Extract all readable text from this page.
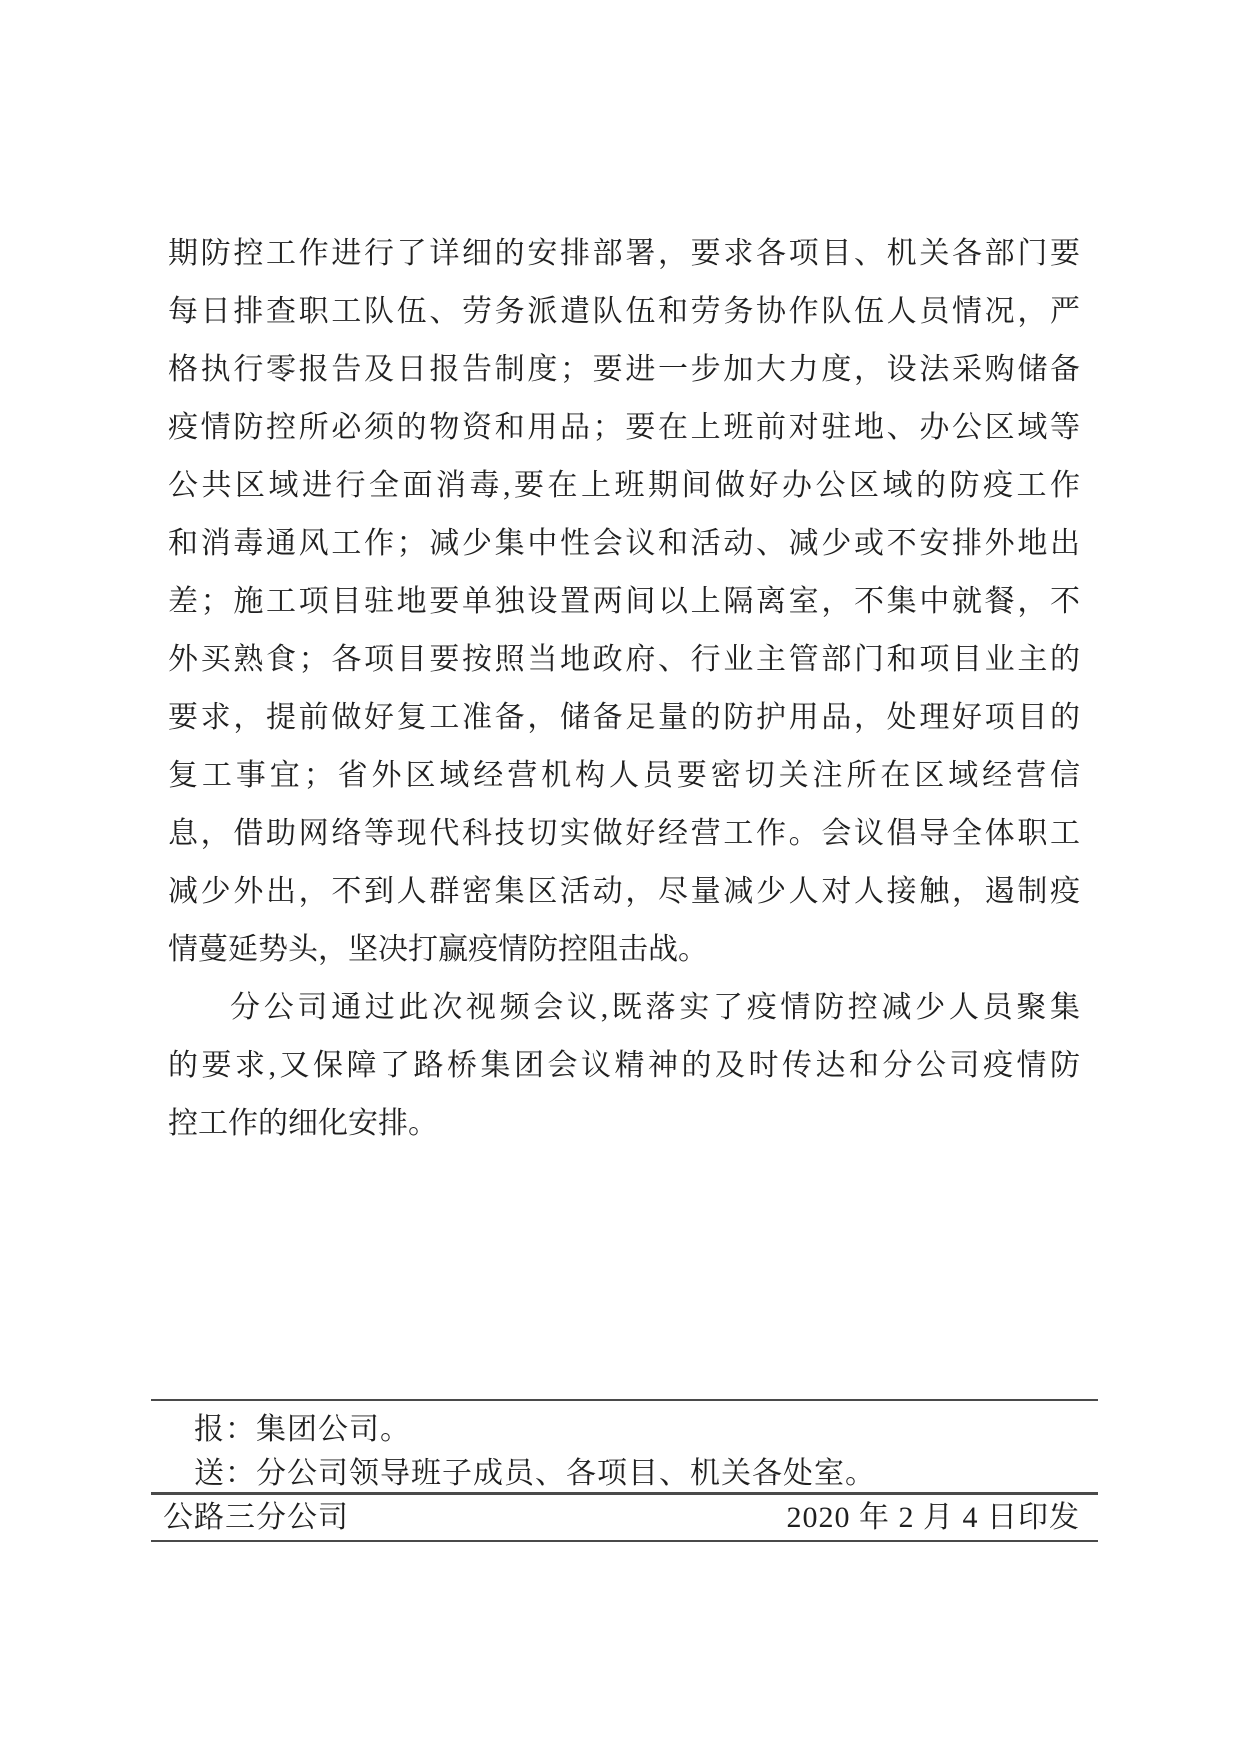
期防控工作进行了详细的安排部署，要求各项目、机关各部门要
每日排查职工队伍、劳务派遣队伍和劳务协作队伍人员情况，严
格执行零报告及日报告制度；要进一步加大力度，设法采购储备
疫情防控所必须的物资和用品；要在上班前对驻地、办公区域等
公共区域进行全面消毒,要在上班期间做好办公区域的防疫工作
和消毒通风工作；减少集中性会议和活动、减少或不安排外地出
差；施工项目驻地要单独设置两间以上隔离室，不集中就餐，不
外买熟食；各项目要按照当地政府、行业主管部门和项目业主的
要求，提前做好复工准备，储备足量的防护用品，处理好项目的
复工事宜；省外区域经营机构人员要密切关注所在区域经营信
息，借助网络等现代科技切实做好经营工作。会议倡导全体职工
减少外出，不到人群密集区活动，尽量减少人对人接触，遏制疫
情蔓延势头，坚决打赢疫情防控阻击战。
分公司通过此次视频会议,既落实了疫情防控减少人员聚集
的要求,又保障了路桥集团会议精神的及时传达和分公司疫情防
控工作的细化安排。
报：集团公司。
送：分公司领导班子成员、各项目、机关各处室。
公路三分公司	2020 年 2 月 4 日印发
